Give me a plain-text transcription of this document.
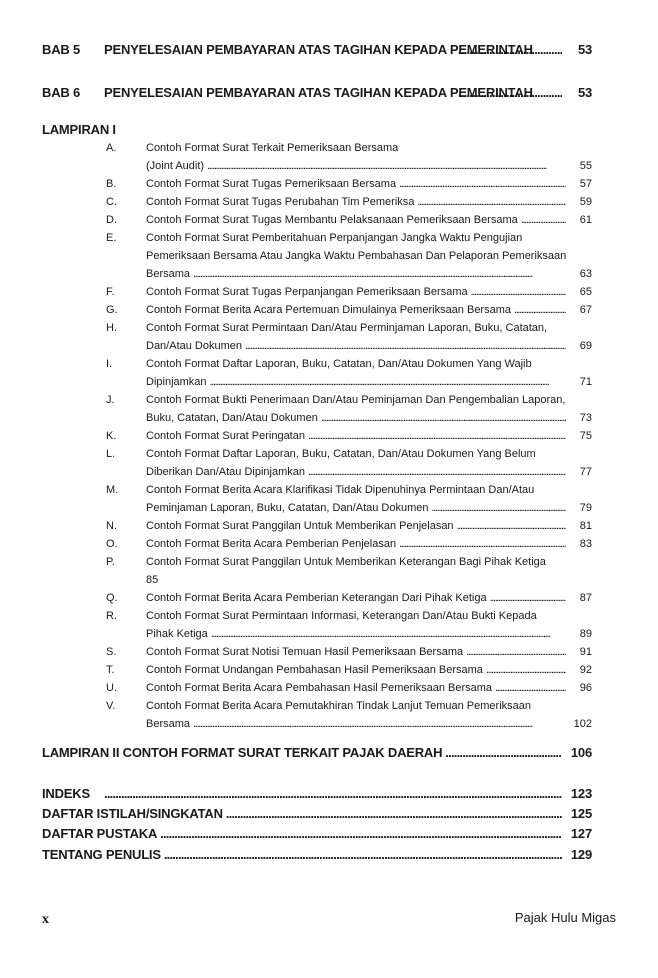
BAB 5 PENYELESAIAN PEMBAYARAN ATAS TAGIHAN KEPADA PEMERINTAH . . .	53
BAB 6 PENYELESAIAN PEMBAYARAN ATAS TAGIHAN KEPADA PEMERINTAH . . .	53
LAMPIRAN I
A.	Contoh Format Surat Terkait Pemeriksaan Bersama
(Joint Audit) . . .	55
B.	Contoh Format Surat Tugas Pemeriksaan Bersama . . .	57
C.	Contoh Format Surat Tugas Perubahan Tim Pemeriksa . . .	59
D.	Contoh Format Surat Tugas Membantu Pelaksanaan Pemeriksaan Bersama . . .	61
E.	Contoh Format Surat Pemberitahuan Perpanjangan Jangka Waktu Pengujian
Pemeriksaan Bersama Atau Jangka Waktu Pembahasan Dan Pelaporan Pemeriksaan
Bersama . . .	63
F.	Contoh Format Surat Tugas Perpanjangan Pemeriksaan Bersama . . .	65
G.	Contoh Format Berita Acara Pertemuan Dimulainya Pemeriksaan Bersama . . .	67
H.	Contoh Format Surat Permintaan Dan/Atau Perminjaman Laporan, Buku, Catatan,
Dan/Atau Dokumen . . .	69
I.	Contoh Format Daftar Laporan, Buku, Catatan, Dan/Atau Dokumen Yang Wajib
Dipinjamkan . . .	71
J.	Contoh Format Bukti Penerimaan Dan/Atau Peminjaman Dan Pengembalian Laporan,
Buku, Catatan, Dan/Atau Dokumen . . .	73
K.	Contoh Format Surat Peringatan . . .	75
L.	Contoh Format Daftar Laporan, Buku, Catatan, Dan/Atau Dokumen Yang Belum
Diberikan Dan/Atau Dipinjamkan . . .	77
M.	Contoh Format Berita Acara Klarifikasi Tidak Dipenuhinya Permintaan Dan/Atau
Peminjaman Laporan, Buku, Catatan, Dan/Atau Dokumen . . .	79
N.	Contoh Format Surat Panggilan Untuk Memberikan Penjelasan . . .	81
O.	Contoh Format Berita Acara Pemberian Penjelasan . . .	83
P.	Contoh Format Surat Panggilan Untuk Memberikan Keterangan Bagi Pihak Ketiga
85
Q.	Contoh Format Berita Acara Pemberian Keterangan Dari Pihak Ketiga . . .	87
R.	Contoh Format Surat Permintaan Informasi, Keterangan Dan/Atau Bukti Kepada
Pihak Ketiga . . .	89
S.	Contoh Format Surat Notisi Temuan Hasil Pemeriksaan Bersama . . .	91
T.	Contoh Format Undangan Pembahasan Hasil Pemeriksaan Bersama . . .	92
U.	Contoh Format Berita Acara Pembahasan Hasil Pemeriksaan Bersama . . .	96
V.	Contoh Format Berita Acara Pemutakhiran Tindak Lanjut Temuan Pemeriksaan
Bersama . . .	102
LAMPIRAN II CONTOH FORMAT SURAT TERKAIT PAJAK DAERAH . . .	106
INDEKS . . .	123
DAFTAR ISTILAH/SINGKATAN . . .	125
DAFTAR PUSTAKA . . .	127
TENTANG PENULIS . . .	129
x	Pajak Hulu Migas
